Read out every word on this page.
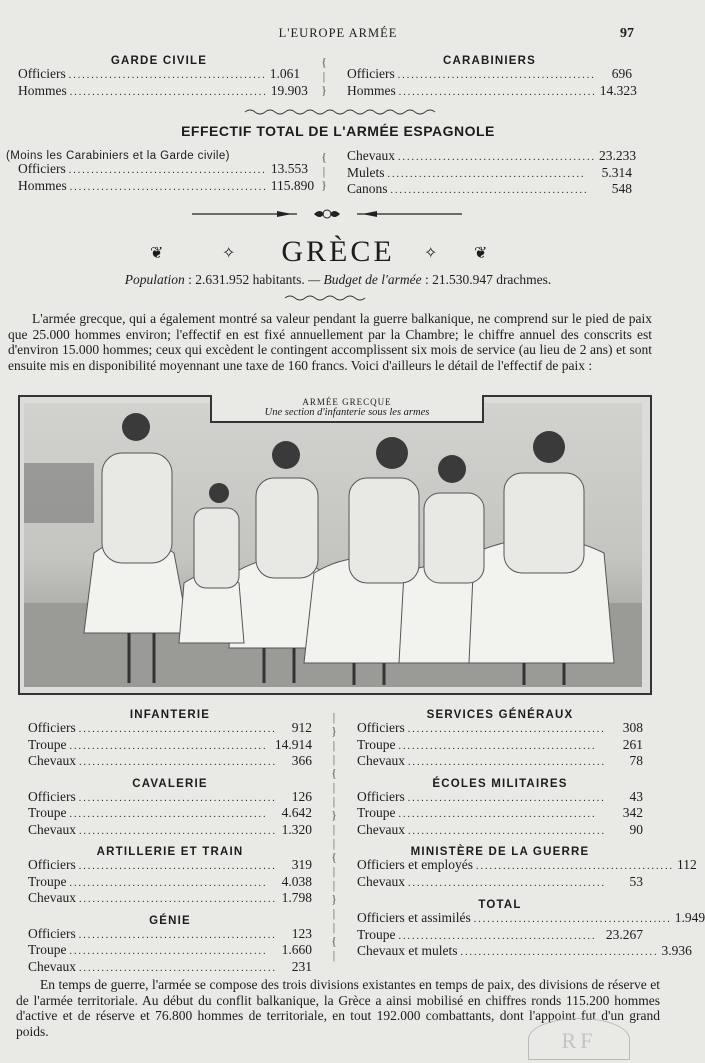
L'EUROPE ARMÉE	97
GARDE CIVILE
Officiers ............................................ 1.061
Hommes ............................................ 19.903
{
|
}
CARABINIERS
Officiers ............................................	696
Hommes ............................................ 14.323
EFFECTIF TOTAL DE L'ARMÉE ESPAGNOLE
(Moins les Carabiniers et la Garde civile)
Officiers ............................................ 13.553
Hommes ............................................ 115.890
{
|
}
Chevaux ............................................ 23.233
Mulets ............................................	5.314
Canons ............................................	548
❦	✧	GRÈCE	✧ ❦
Population : 2.631.952 habitants. — Budget de l'armée : 21.530.947 drachmes.

L'armée grecque, qui a également montré sa valeur pendant la guerre balkanique, ne comprend sur le pied de paix que 25.000 hommes environ; l'effectif en est fixé annuellement par la Chambre; le chiffre annuel des conscrits est d'environ 15.000 hommes; ceux qui excèdent le contingent accomplissent six mois de service (au lieu de 2 ans) et sont ensuite mis en disponibilité moyennant une taxe de 160 francs. Voici d'ailleurs le détail de l'effectif de paix :

ARMÉE GRECQUE
Une section d'infanterie sous les armes
INFANTERIE
Officiers ............................................	912
Troupe ............................................ 14.914
Chevaux ............................................	366
CAVALERIE
Officiers ............................................	126
Troupe ............................................	4.642
Chevaux ............................................ 1.320
ARTILLERIE ET TRAIN
Officiers ............................................	319
Troupe ............................................	4.038
Chevaux ............................................ 1.798
GÉNIE
Officiers ............................................	123
Troupe ............................................	1.660
Chevaux ............................................	231
|
}
|
|
{
|
|
}
|
|
{
|
|
}
|
|
{
|
SERVICES GÉNÉRAUX
Officiers ............................................	308
Troupe ............................................	261
Chevaux ............................................	78
ÉCOLES MILITAIRES
Officiers ............................................	43
Troupe ............................................	342
Chevaux ............................................	90
MINISTÈRE DE LA GUERRE
Officiers et employés ............................................ 112
Chevaux ............................................	53
TOTAL
Officiers et assimilés ............................................ 1.949
Troupe ............................................ 23.267
Chevaux et mulets ............................................ 3.936

En temps de guerre, l'armée se compose des trois divisions existantes en temps de paix, des divisions de réserve et de l'armée territoriale. Au début du conflit balkanique, la Grèce a ainsi mobilisé en chiffres ronds 115.200 hommes d'active et de réserve et 76.800 hommes de territoriale, en tout 192.000 combattants, dont l'appoint fut d'un grand poids.	RF
